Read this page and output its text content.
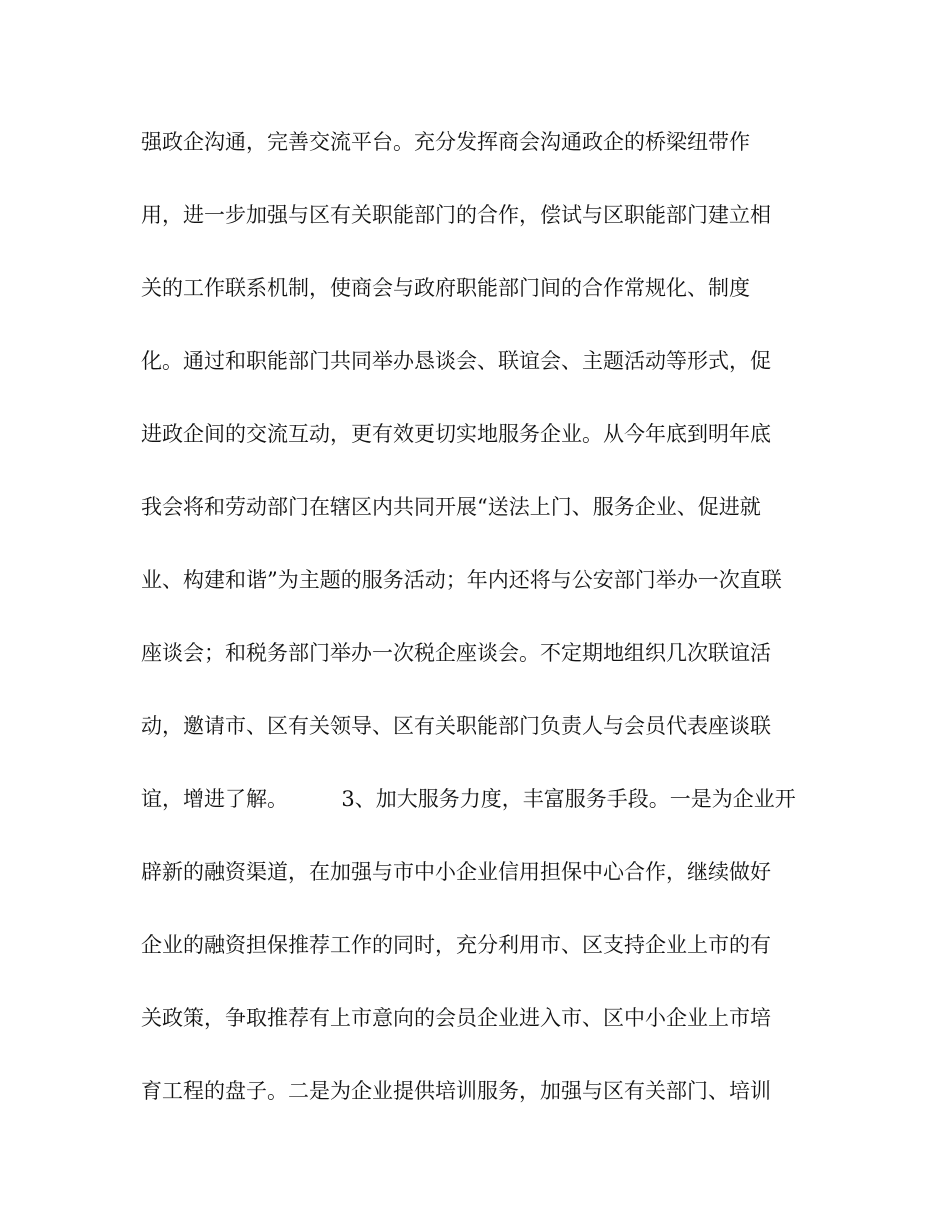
强政企沟通，完善交流平台。充分发挥商会沟通政企的桥梁纽带作
用，进一步加强与区有关职能部门的合作，偿试与区职能部门建立相
关的工作联系机制，使商会与政府职能部门间的合作常规化、制度
化。通过和职能部门共同举办恳谈会、联谊会、主题活动等形式，促
进政企间的交流互动，更有效更切实地服务企业。从今年底到明年底
我会将和劳动部门在辖区内共同开展“送法上门、服务企业、促进就
业、构建和谐”为主题的服务活动；年内还将与公安部门举办一次直联
座谈会；和税务部门举办一次税企座谈会。不定期地组织几次联谊活
动，邀请市、区有关领导、区有关职能部门负责人与会员代表座谈联
谊，增进了解。        3、加大服务力度，丰富服务手段。一是为企业开
辟新的融资渠道，在加强与市中小企业信用担保中心合作，继续做好
企业的融资担保推荐工作的同时，充分利用市、区支持企业上市的有
关政策，争取推荐有上市意向的会员企业进入市、区中小企业上市培
育工程的盘子。二是为企业提供培训服务，加强与区有关部门、培训
